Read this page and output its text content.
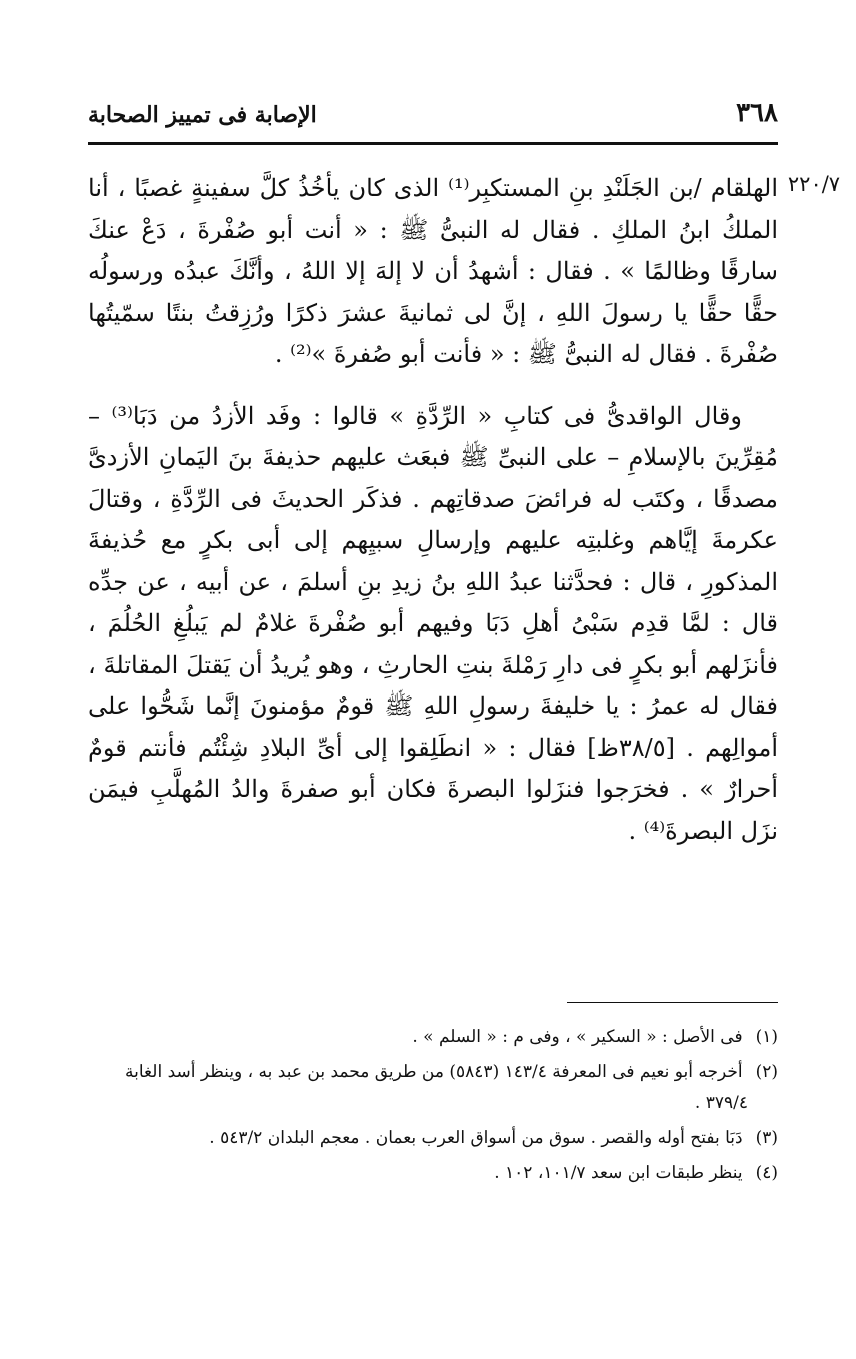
٣٦٨
الإصابة فى تمييز الصحابة
٢٢٠/٧

الهلقام /بن الجَلَنْدِ بنِ المستكبِر⁽¹⁾ الذى كان يأخُذُ كلَّ سفينةٍ غصبًا ، أنا الملكُ ابنُ الملكِ . فقال له النبىُّ ﷺ : « أنت أبو صُفْرةَ ، دَعْ عنكَ سارقًا وظالمًا » . فقال : أشهدُ أن لا إلهَ إلا اللهُ ، وأنَّكَ عبدُه ورسولُه حقًّا حقًّا يا رسولَ اللهِ ، إنَّ لى ثمانيةَ عشرَ ذكرًا ورُزِقتُ بنتًا سمّيتُها صُفْرةَ . فقال له النبىُّ ﷺ : « فأنت أبو صُفرةَ »⁽²⁾ .

وقال الواقدىُّ فى كتابِ « الرِّدَّةِ » قالوا : وفَد الأزدُ من دَبَا⁽³⁾ – مُقِرِّينَ بالإسلامِ – على النبىِّ ﷺ فبعَث عليهم حذيفةَ بنَ اليَمانِ الأزدىَّ مصدقًا ، وكتَب له فرائضَ صدقاتِهم . فذكَر الحديثَ فى الرِّدَّةِ ، وقتالَ عكرمةَ إيَّاهم وغلبتِه عليهم وإرسالِ سبيِهم إلى أبى بكرٍ مع حُذيفةَ المذكورِ ، قال : فحدَّثنا عبدُ اللهِ بنُ زيدِ بنِ أسلمَ ، عن أبيه ، عن جدِّه قال : لمَّا قدِم سَبْىُ أهلِ دَبَا وفيهم أبو صُفْرةَ غلامٌ لم يَبلُغِ الحُلُمَ ، فأنزَلهم أبو بكرٍ فى دارِ رَمْلةَ بنتِ الحارثِ ، وهو يُريدُ أن يَقتلَ المقاتلةَ ، فقال له عمرُ : يا خليفةَ رسولِ اللهِ ﷺ قومٌ مؤمنونَ إنَّما شَحُّوا على أموالِهم . [٣٨/٥ظ] فقال : « انطَلِقوا إلى أىِّ البلادِ شِئْتُم فأنتم قومٌ أحرارٌ » . فخرَجوا فنزَلوا البصرةَ فكان أبو صفرةَ والدُ المُهلَّبِ فيمَن نزَل البصرةَ⁽⁴⁾ .

(١) فى الأصل : « السكير » ، وفى م : « السلم » .

(٢) أخرجه أبو نعيم فى المعرفة ١٤٣/٤ (٥٨٤٣) من طريق محمد بن عبد به ، وينظر أسد الغابة ٣٧٩/٤ .

(٣) دَبَا بفتح أوله والقصر . سوق من أسواق العرب بعمان . معجم البلدان ٥٤٣/٢ .

(٤) ينظر طبقات ابن سعد ١٠١/٧، ١٠٢ .
